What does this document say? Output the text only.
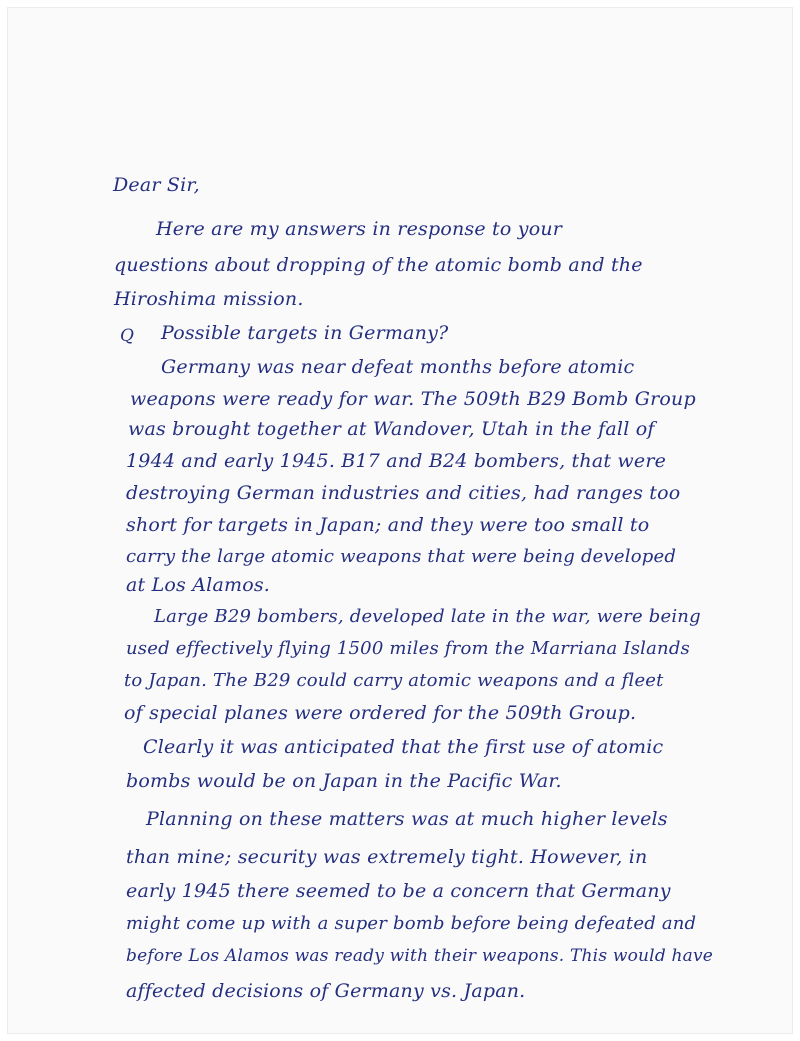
Dear Sir,
Here are my answers in response to your
questions about dropping of the atomic bomb and the
Hiroshima mission.
Q Possible targets in Germany?
Germany was near defeat months before atomic
weapons were ready for war. The 509th B29 Bomb Group
was brought together at Wandover, Utah in the fall of
1944 and early 1945. B17 and B24 bombers, that were
destroying German industries and cities, had ranges too
short for targets in Japan; and they were too small to
carry the large atomic weapons that were being developed
at Los Alamos.
Large B29 bombers, developed late in the war, were being
used effectively flying 1500 miles from the Marriana Islands
to Japan. The B29 could carry atomic weapons and a fleet
of special planes were ordered for the 509th Group.
Clearly it was anticipated that the first use of atomic
bombs would be on Japan in the Pacific War.
Planning on these matters was at much higher levels
than mine; security was extremely tight. However, in
early 1945 there seemed to be a concern that Germany
might come up with a super bomb before being defeated and
before Los Alamos was ready with their weapons. This would have
affected decisions of Germany vs. Japan.
